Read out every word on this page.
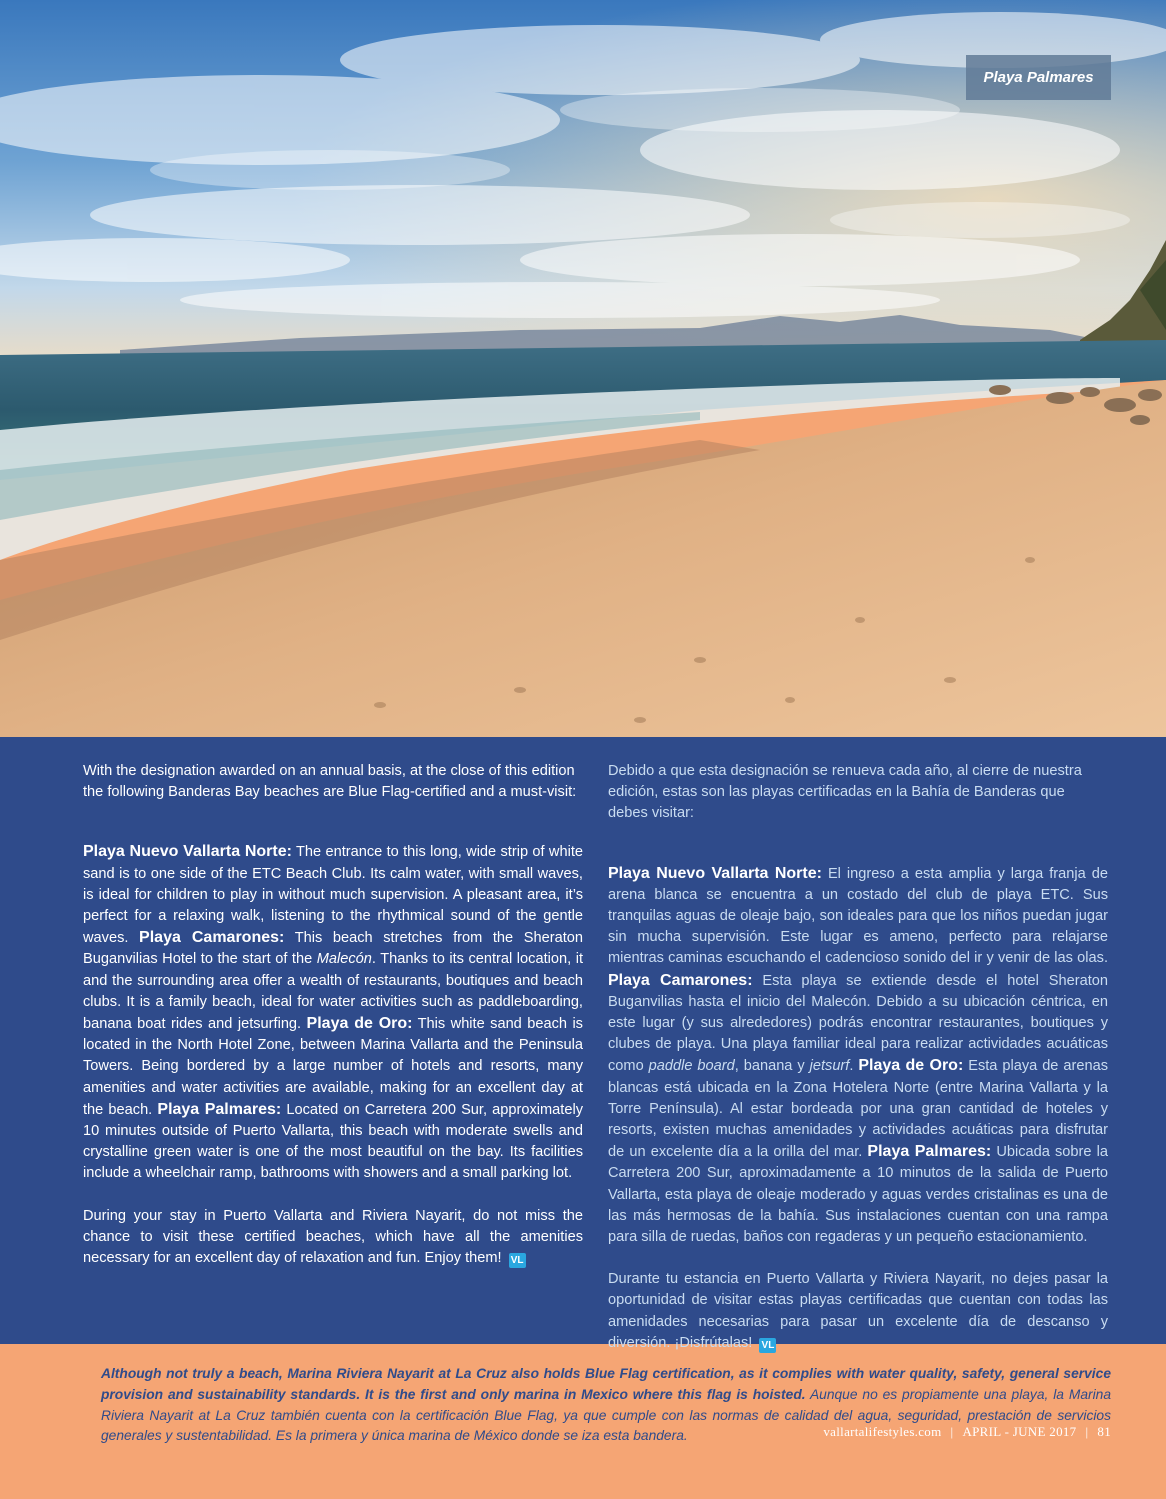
Playa Palmares

With the designation awarded on an annual basis, at the close of this edition the following Banderas Bay beaches are Blue Flag-certified and a must-visit:

Playa Nuevo Vallarta Norte: The entrance to this long, wide strip of white sand is to one side of the ETC Beach Club. Its calm water, with small waves, is ideal for children to play in without much supervision. A pleasant area, it’s perfect for a relaxing walk, listening to the rhythmical sound of the gentle waves. Playa Camarones: This beach stretches from the Sheraton Buganvilias Hotel to the start of the Malecón. Thanks to its central location, it and the surrounding area offer a wealth of restaurants, boutiques and beach clubs. It is a family beach, ideal for water activities such as paddleboarding, banana boat rides and jetsurfing. Playa de Oro: This white sand beach is located in the North Hotel Zone, between Marina Vallarta and the Peninsula Towers. Being bordered by a large number of hotels and resorts, many amenities and water activities are available, making for an excellent day at the beach. Playa Palmares: Located on Carretera 200 Sur, approximately 10 minutes outside of Puerto Vallarta, this beach with moderate swells and crystalline green water is one of the most beautiful on the bay. Its facilities include a wheelchair ramp, bathrooms with showers and a small parking lot.

During your stay in Puerto Vallarta and Riviera Nayarit, do not miss the chance to visit these certified beaches, which have all the amenities necessary for an excellent day of relaxation and fun. Enjoy them! VL

Debido a que esta designación se renueva cada año, al cierre de nuestra edición, estas son las playas certificadas en la Bahía de Banderas que debes visitar:

Playa Nuevo Vallarta Norte: El ingreso a esta amplia y larga franja de arena blanca se encuentra a un costado del club de playa ETC. Sus tranquilas aguas de oleaje bajo, son ideales para que los niños puedan jugar sin mucha supervisión. Este lugar es ameno, perfecto para relajarse mientras caminas escuchando el cadencioso sonido del ir y venir de las olas. Playa Camarones: Esta playa se extiende desde el hotel Sheraton Buganvilias hasta el inicio del Malecón. Debido a su ubicación céntrica, en este lugar (y sus alrededores) podrás encontrar restaurantes, boutiques y clubes de playa. Una playa familiar ideal para realizar actividades acuáticas como paddle board, banana y jetsurf. Playa de Oro: Esta playa de arenas blancas está ubicada en la Zona Hotelera Norte (entre Marina Vallarta y la Torre Península). Al estar bordeada por una gran cantidad de hoteles y resorts, existen muchas amenidades y actividades acuáticas para disfrutar de un excelente día a la orilla del mar. Playa Palmares: Ubicada sobre la Carretera 200 Sur, aproximadamente a 10 minutos de la salida de Puerto Vallarta, esta playa de oleaje moderado y aguas verdes cristalinas es una de las más hermosas de la bahía. Sus instalaciones cuentan con una rampa para silla de ruedas, baños con regaderas y un pequeño estacionamiento.

Durante tu estancia en Puerto Vallarta y Riviera Nayarit, no dejes pasar la oportunidad de visitar estas playas certificadas que cuentan con todas las amenidades necesarias para pasar un excelente día de descanso y diversión. ¡Disfrútalas! VL

Although not truly a beach, Marina Riviera Nayarit at La Cruz also holds Blue Flag certification, as it complies with water quality, safety, general service provision and sustainability standards. It is the first and only marina in Mexico where this flag is hoisted. Aunque no es propiamente una playa, la Marina Riviera Nayarit at La Cruz también cuenta con la certificación Blue Flag, ya que cumple con las normas de calidad del agua, seguridad, prestación de servicios generales y sustentabilidad. Es la primera y única marina de México donde se iza esta bandera.	vallartalifestyles.com | APRIL - JUNE 2017 | 81
